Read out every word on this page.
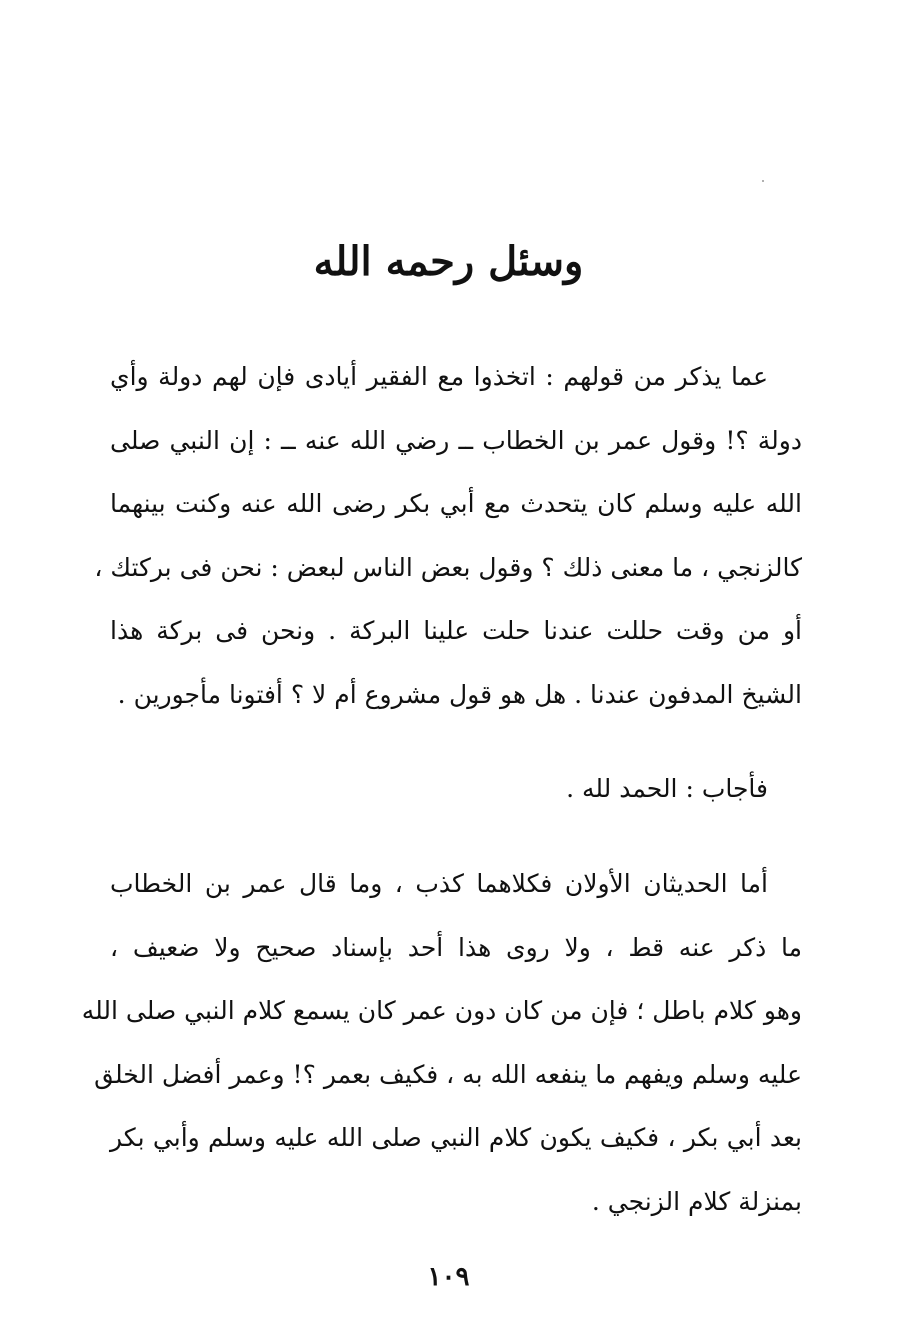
وسئل رحمه الله
عما يذكر من قولهم : اتخذوا مع الفقير أيادى فإن لهم دولة وأي
دولة ؟! وقول عمر بن الخطاب ــ رضي الله عنه ــ : إن النبي صلى
الله عليه وسلم كان يتحدث مع أبي بكر رضى الله عنه وكنت بينهما
كالزنجي ، ما معنى ذلك ؟ وقول بعض الناس لبعض : نحن فى بركتك ،
أو من وقت حللت عندنا حلت علينا البركة . ونحن فى بركة هذا
الشيخ المدفون عندنا . هل هو قول مشروع أم لا ؟ أفتونا مأجورين .
فأجاب : الحمد لله .
أما الحديثان الأولان فكلاهما كذب ، وما قال عمر بن الخطاب
ما ذكر عنه قط ، ولا روى هذا أحد بإسناد صحيح ولا ضعيف ،
وهو كلام باطل ؛ فإن من كان دون عمر كان يسمع كلام النبي صلى الله
عليه وسلم ويفهم ما ينفعه الله به ، فكيف بعمر ؟! وعمر أفضل الخلق
بعد أبي بكر ، فكيف يكون كلام النبي صلى الله عليه وسلم وأبي بكر
بمنزلة كلام الزنجي .
١٠٩
